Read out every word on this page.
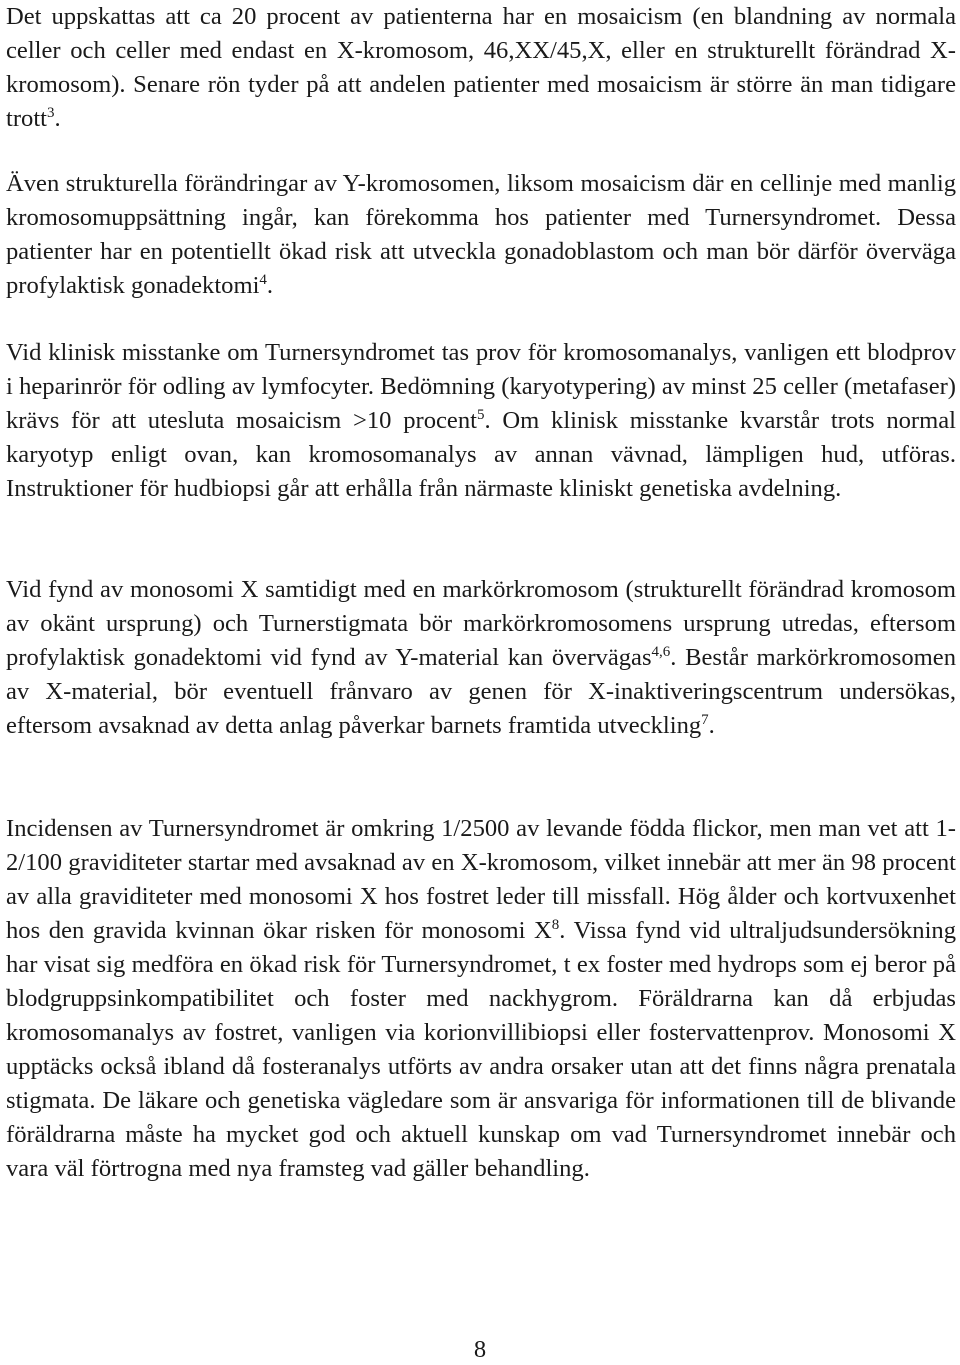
Det uppskattas att ca 20 procent av patienterna har en mosaicism (en blandning av normala celler och celler med endast en X-kromosom, 46,XX/45,X, eller en strukturellt förändrad X-kromosom). Senare rön tyder på att andelen patienter med mosaicism är större än man tidigare trott$^3$.

Även strukturella förändringar av Y-kromosomen, liksom mosaicism där en cellinje med manlig kromosomuppsättning ingår, kan förekomma hos patienter med Turnersyndromet. Dessa patienter har en potentiellt ökad risk att utveckla gonadoblastom och man bör därför överväga profylaktisk gonadektomi$^4$.

Vid klinisk misstanke om Turnersyndromet tas prov för kromosomanalys, vanligen ett blodprov i heparinrör för odling av lymfocyter. Bedömning (karyotypering) av minst 25 celler (metafaser) krävs för att utesluta mosaicism >10 procent$^5$. Om klinisk misstanke kvarstår trots normal karyotyp enligt ovan, kan kromosomanalys av annan vävnad, lämpligen hud, utföras. Instruktioner för hudbiopsi går att erhålla från närmaste kliniskt genetiska avdelning.

Vid fynd av monosomi X samtidigt med en markörkromosom (strukturellt förändrad kromosom av okänt ursprung) och Turnerstigmata bör markörkromosomens ursprung utredas, eftersom profylaktisk gonadektomi vid fynd av Y-material kan övervägas$^{4,6}$. Består markörkromosomen av X-material, bör eventuell frånvaro av genen för X-inaktiveringscentrum undersökas, eftersom avsaknad av detta anlag påverkar barnets framtida utveckling$^7$.

Incidensen av Turnersyndromet är omkring 1/2500 av levande födda flickor, men man vet att 1-2/100 graviditeter startar med avsaknad av en X-kromosom, vilket innebär att mer än 98 procent av alla graviditeter med monosomi X hos fostret leder till missfall. Hög ålder och kortvuxenhet hos den gravida kvinnan ökar risken för monosomi $X^8$. Vissa fynd vid ultraljudsundersökning har visat sig medföra en ökad risk för Turnersyndromet, t ex foster med hydrops som ej beror på blodgruppsinkompatibilitet och foster med nackhygrom. Föräldrarna kan då erbjudas kromosomanalys av fostret, vanligen via korionvillibiopsi eller fostervattenprov. Monosomi X upptäcks också ibland då fosteranalys utförts av andra orsaker utan att det finns några prenatala stigmata. De läkare och genetiska vägledare som är ansvariga för informationen till de blivande föräldrarna måste ha mycket god och aktuell kunskap om vad Turnersyndromet innebär och vara väl förtrogna med nya framsteg vad gäller behandling.

8
